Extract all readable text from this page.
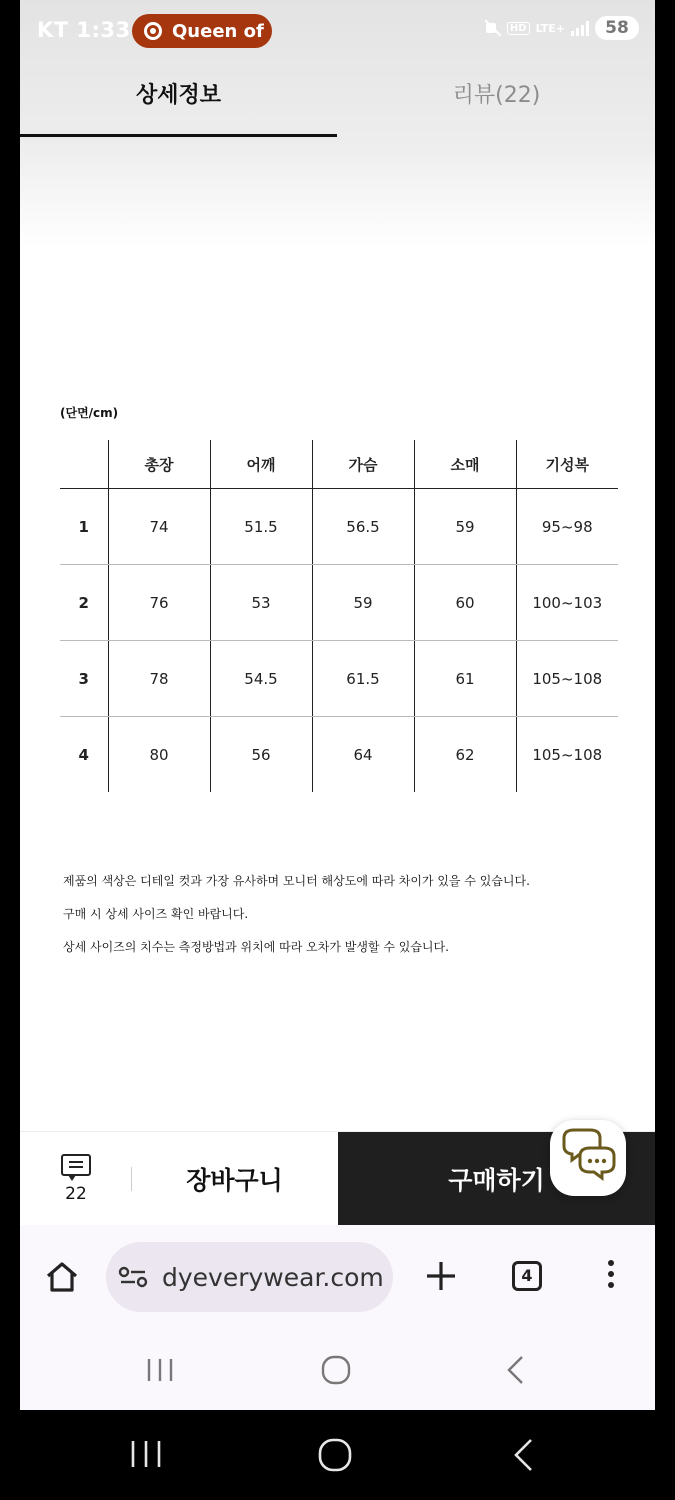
KT 1:33 Queen of	HD LTE+	58
상세정보	리뷰(22)
(단면/cm)
	총장	어깨	가슴	소매	기성복
1	74	51.5	56.5	59	95~98
2	76	53	59	60	100~103
3	78	54.5	61.5	61	105~108
4	80	56	64	62	105~108
제품의 색상은 디테일 컷과 가장 유사하며 모니터 해상도에 따라 차이가 있을 수 있습니다.
구매 시 상세 사이즈 확인 바랍니다.
상세 사이즈의 치수는 측정방법과 위치에 따라 오차가 발생할 수 있습니다.
22	장바구니	구매하기
dyeverywear.com	4
